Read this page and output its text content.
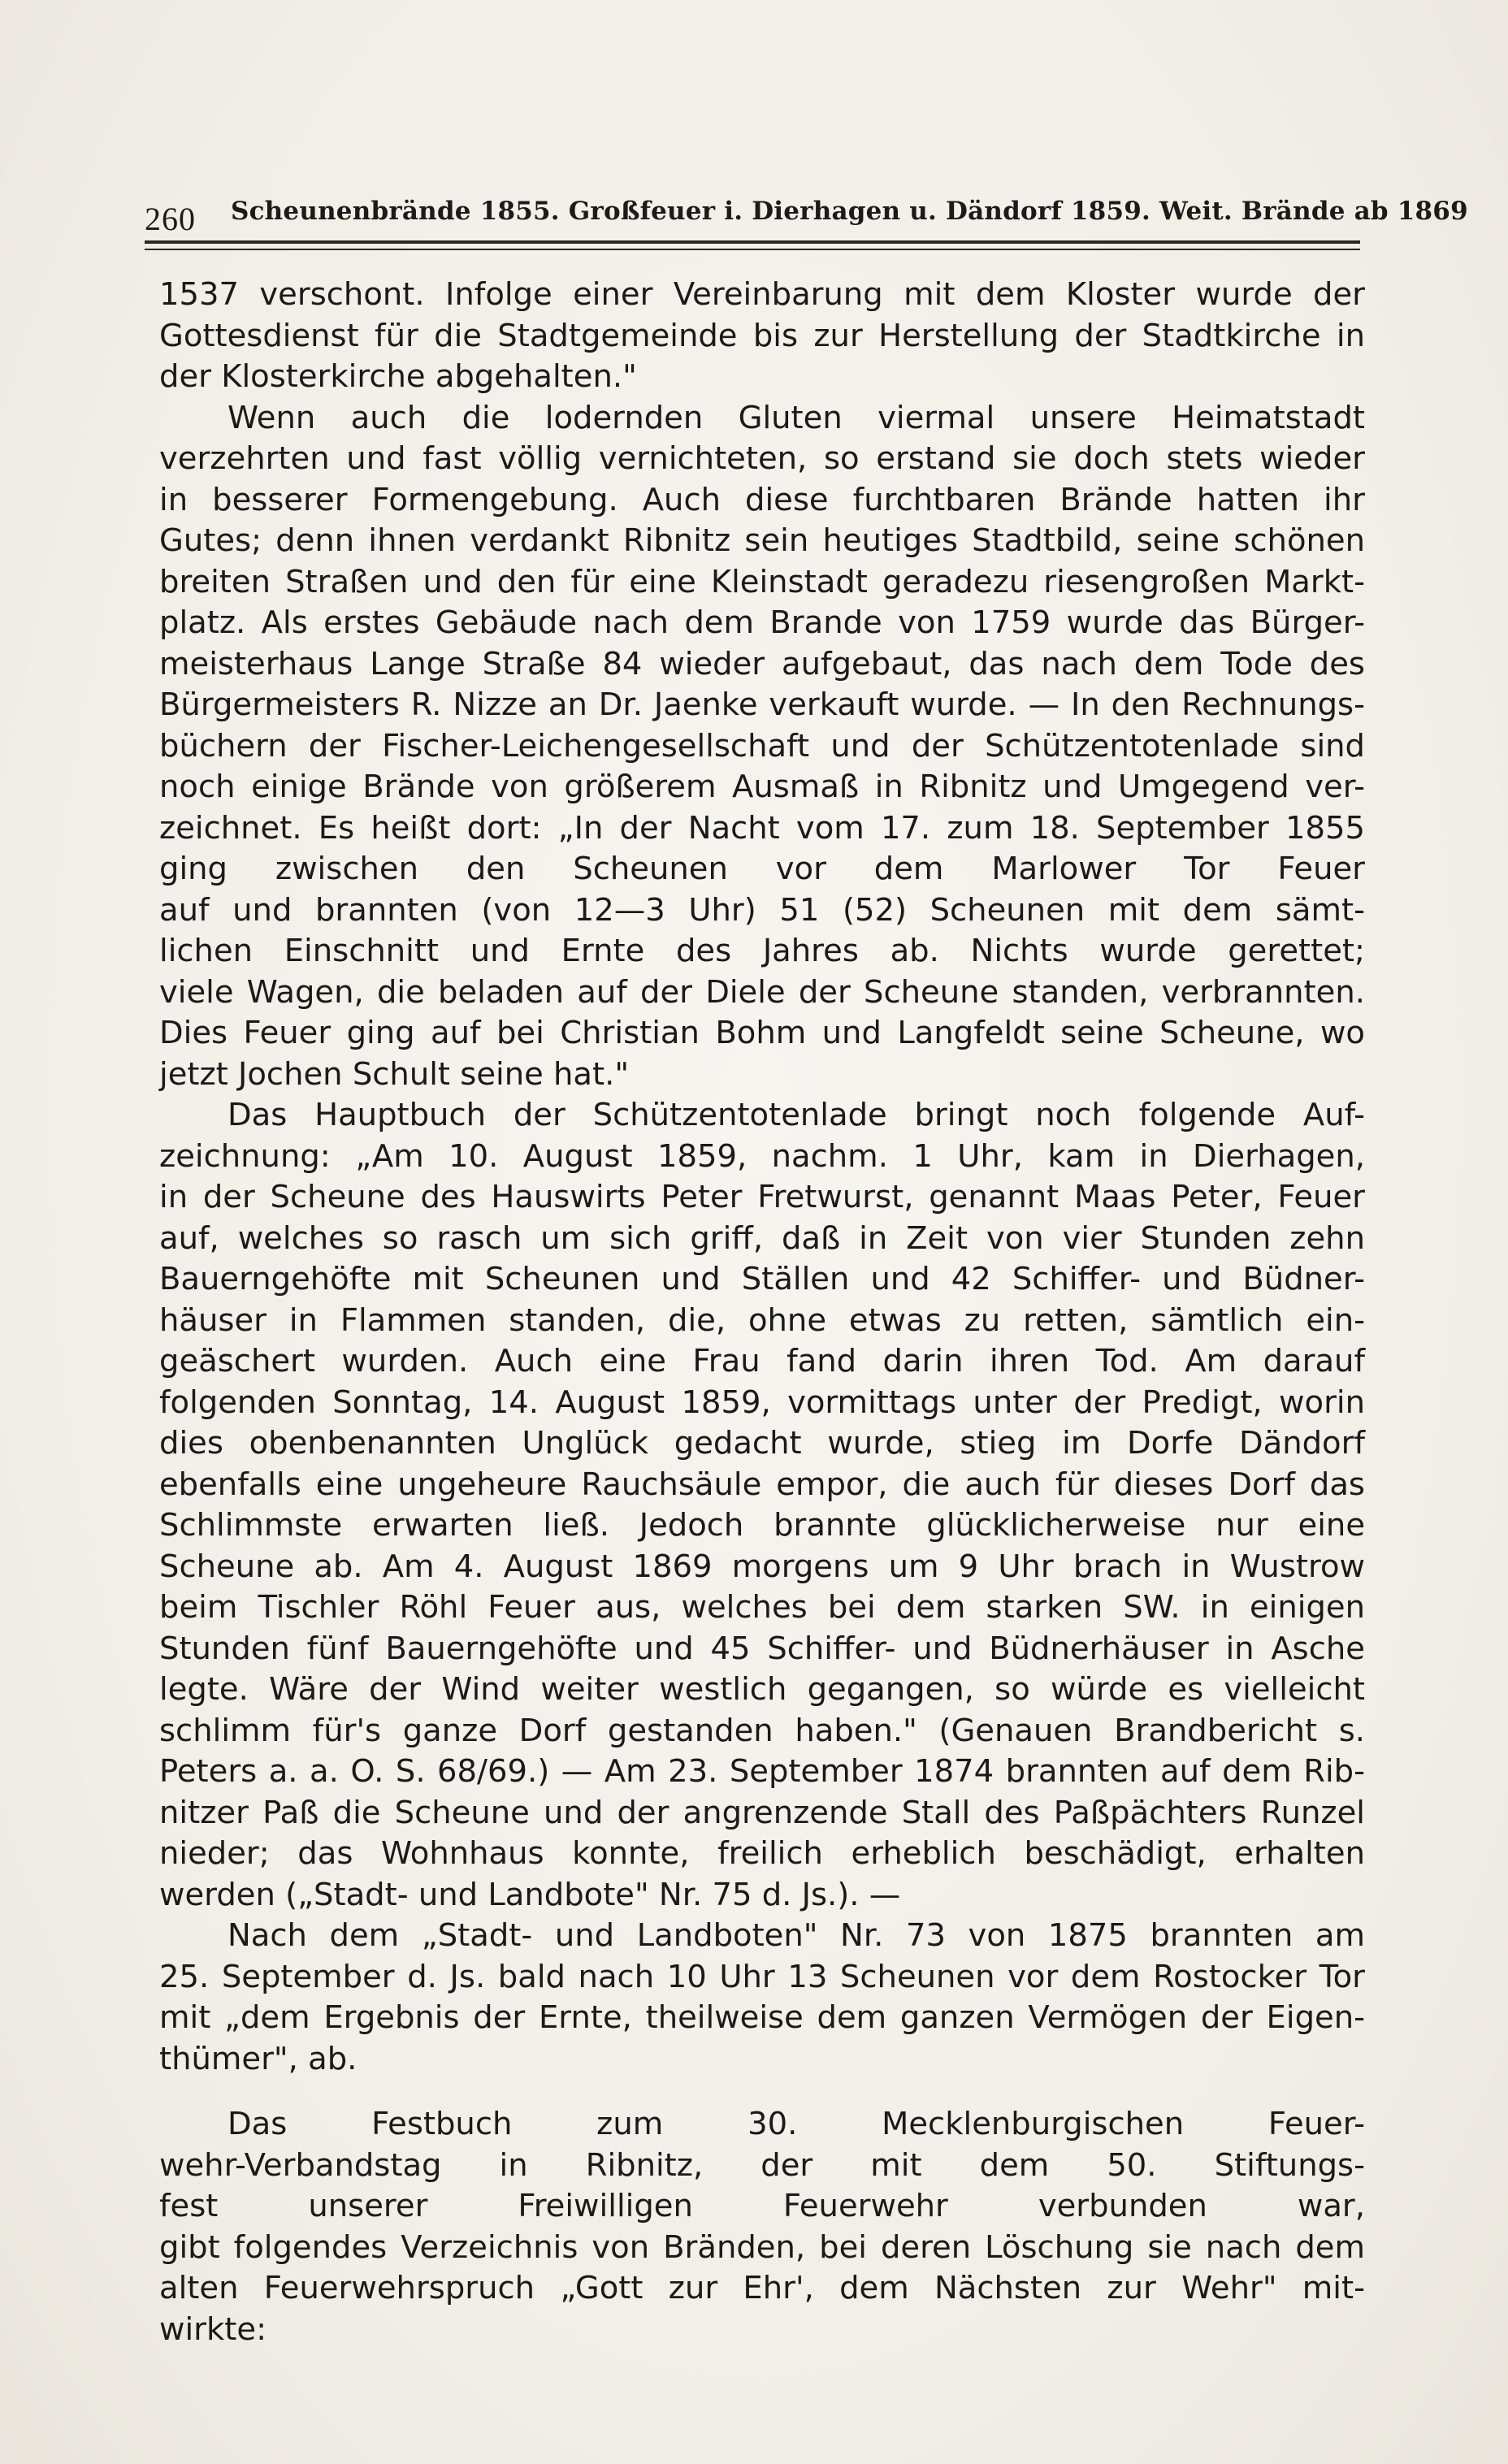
260 Scheunenbrände 1855. Großfeuer i. Dierhagen u. Dändorf 1859. Weit. Brände ab 1869
1537 verschont. Infolge einer Vereinbarung mit dem Kloster wurde der
Gottesdienst für die Stadtgemeinde bis zur Herstellung der Stadtkirche in
der Klosterkirche abgehalten."
Wenn auch die lodernden Gluten viermal unsere Heimatstadt
verzehrten und fast völlig vernichteten, so erstand sie doch stets wieder
in besserer Formengebung. Auch diese furchtbaren Brände hatten ihr
Gutes; denn ihnen verdankt Ribnitz sein heutiges Stadtbild, seine schönen
breiten Straßen und den für eine Kleinstadt geradezu riesengroßen Markt-
platz. Als erstes Gebäude nach dem Brande von 1759 wurde das Bürger-
meisterhaus Lange Straße 84 wieder aufgebaut, das nach dem Tode des
Bürgermeisters R. Nizze an Dr. Jaenke verkauft wurde. — In den Rechnungs-
büchern der Fischer-Leichengesellschaft und der Schützentotenlade sind
noch einige Brände von größerem Ausmaß in Ribnitz und Umgegend ver-
zeichnet. Es heißt dort: „In der Nacht vom 17. zum 18. September 1855
ging zwischen den Scheunen vor dem Marlower Tor Feuer
auf und brannten (von 12—3 Uhr) 51 (52) Scheunen mit dem sämt-
lichen Einschnitt und Ernte des Jahres ab. Nichts wurde gerettet;
viele Wagen, die beladen auf der Diele der Scheune standen, verbrannten.
Dies Feuer ging auf bei Christian Bohm und Langfeldt seine Scheune, wo
jetzt Jochen Schult seine hat."
Das Hauptbuch der Schützentotenlade bringt noch folgende Auf-
zeichnung: „Am 10. August 1859, nachm. 1 Uhr, kam in Dierhagen,
in der Scheune des Hauswirts Peter Fretwurst, genannt Maas Peter, Feuer
auf, welches so rasch um sich griff, daß in Zeit von vier Stunden zehn
Bauerngehöfte mit Scheunen und Ställen und 42 Schiffer- und Büdner-
häuser in Flammen standen, die, ohne etwas zu retten, sämtlich ein-
geäschert wurden. Auch eine Frau fand darin ihren Tod. Am darauf
folgenden Sonntag, 14. August 1859, vormittags unter der Predigt, worin
dies obenbenannten Unglück gedacht wurde, stieg im Dorfe Dändorf
ebenfalls eine ungeheure Rauchsäule empor, die auch für dieses Dorf das
Schlimmste erwarten ließ. Jedoch brannte glücklicherweise nur eine
Scheune ab. Am 4. August 1869 morgens um 9 Uhr brach in Wustrow
beim Tischler Röhl Feuer aus, welches bei dem starken SW. in einigen
Stunden fünf Bauerngehöfte und 45 Schiffer- und Büdnerhäuser in Asche
legte. Wäre der Wind weiter westlich gegangen, so würde es vielleicht
schlimm für's ganze Dorf gestanden haben." (Genauen Brandbericht s.
Peters a. a. O. S. 68/69.) — Am 23. September 1874 brannten auf dem Rib-
nitzer Paß die Scheune und der angrenzende Stall des Paßpächters Runzel
nieder; das Wohnhaus konnte, freilich erheblich beschädigt, erhalten
werden („Stadt- und Landbote" Nr. 75 d. Js.). —
Nach dem „Stadt- und Landboten" Nr. 73 von 1875 brannten am
25. September d. Js. bald nach 10 Uhr 13 Scheunen vor dem Rostocker Tor
mit „dem Ergebnis der Ernte, theilweise dem ganzen Vermögen der Eigen-
thümer", ab.
Das Festbuch zum 30. Mecklenburgischen Feuer-
wehr-Verbandstag in Ribnitz, der mit dem 50. Stiftungs-
fest unserer Freiwilligen Feuerwehr verbunden war,
gibt folgendes Verzeichnis von Bränden, bei deren Löschung sie nach dem
alten Feuerwehrspruch „Gott zur Ehr', dem Nächsten zur Wehr" mit-
wirkte:
